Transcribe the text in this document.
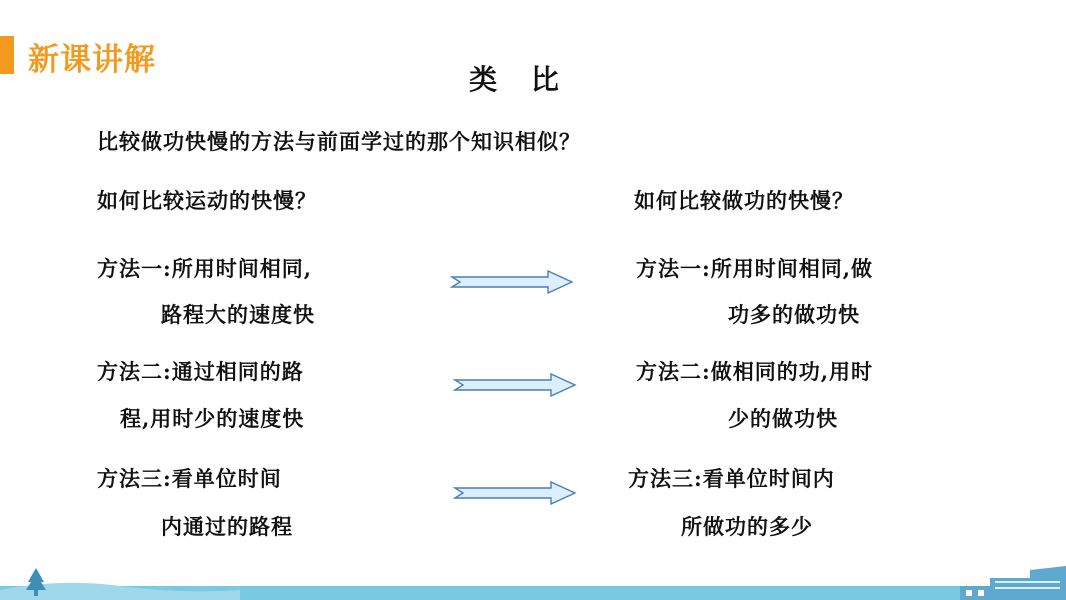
新课讲解
类 比
比较做功快慢的方法与前面学过的那个知识相似？
如何比较运动的快慢？	如何比较做功的快慢？
方法一:所用时间相同,
路程大的速度快
方法一:所用时间相同,做
功多的做功快
方法二:通过相同的路
程,用时少的速度快
方法二:做相同的功,用时
少的做功快
方法三:看单位时间
内通过的路程
方法三:看单位时间内
所做功的多少
